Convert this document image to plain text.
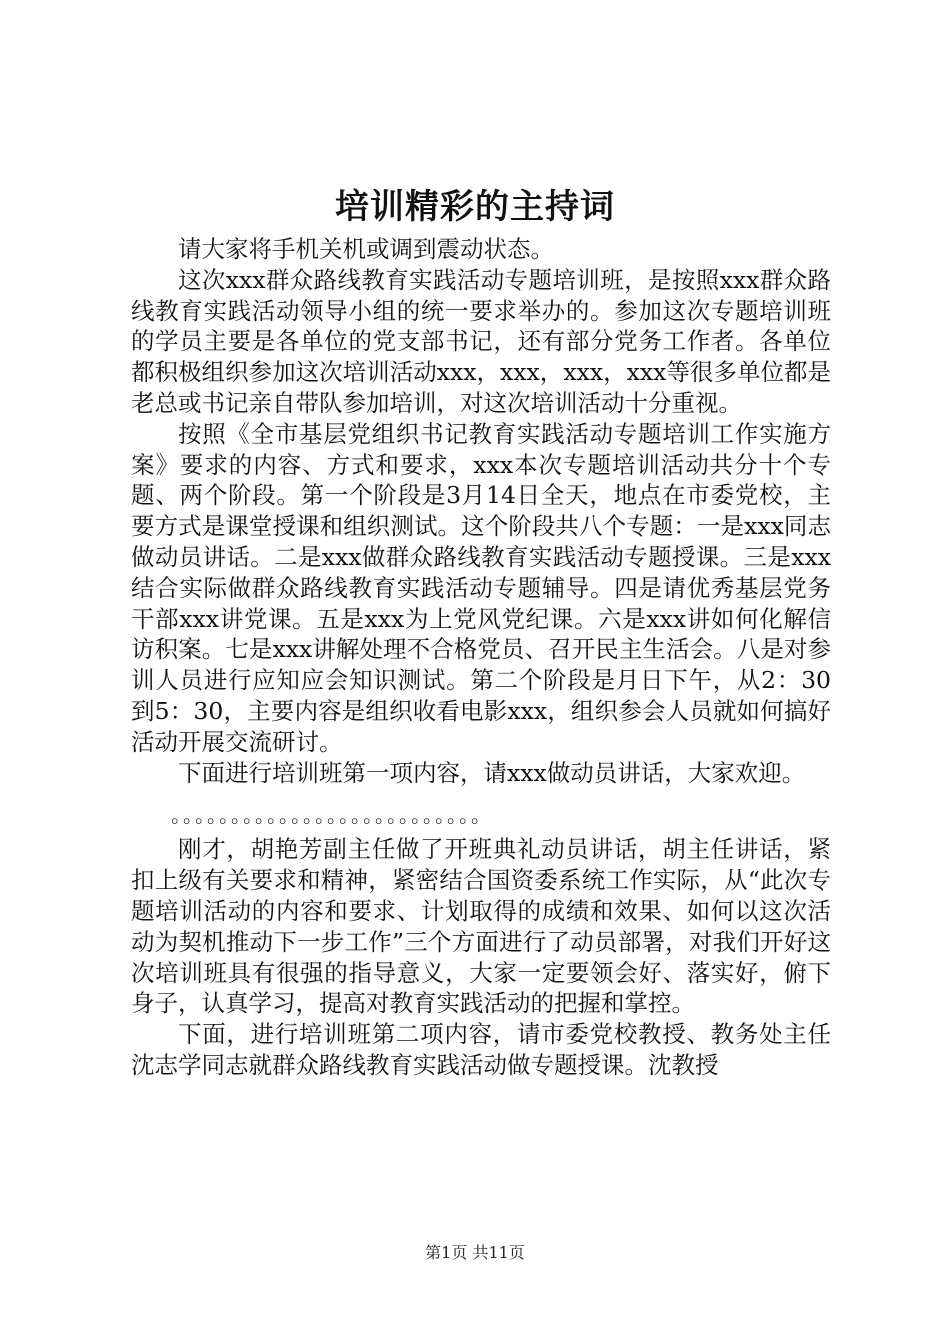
培训精彩的主持词

请大家将手机关机或调到震动状态。

这次xxx群众路线教育实践活动专题培训班，是按照xxx群众路线教育实践活动领导小组的统一要求举办的。参加这次专题培训班的学员主要是各单位的党支部书记，还有部分党务工作者。各单位都积极组织参加这次培训活动xxx，xxx，xxx，xxx等很多单位都是老总或书记亲自带队参加培训，对这次培训活动十分重视。

按照《全市基层党组织书记教育实践活动专题培训工作实施方案》要求的内容、方式和要求，xxx本次专题培训活动共分十个专题、两个阶段。第一个阶段是3月14日全天，地点在市委党校，主要方式是课堂授课和组织测试。这个阶段共八个专题：一是xxx同志做动员讲话。二是xxx做群众路线教育实践活动专题授课。三是xxx结合实际做群众路线教育实践活动专题辅导。四是请优秀基层党务干部xxx讲党课。五是xxx为上党风党纪课。六是xxx讲如何化解信访积案。七是xxx讲解处理不合格党员、召开民主生活会。八是对参训人员进行应知应会知识测试。第二个阶段是月日下午，从2：30到5：30，主要内容是组织收看电影xxx，组织参会人员就如何搞好活动开展交流研讨。

下面进行培训班第一项内容，请xxx做动员讲话，大家欢迎。

。。。。。。。。。。。。。。。。。。。。。。。。。。

刚才，胡艳芳副主任做了开班典礼动员讲话，胡主任讲话，紧扣上级有关要求和精神，紧密结合国资委系统工作实际，从“此次专题培训活动的内容和要求、计划取得的成绩和效果、如何以这次活动为契机推动下一步工作”三个方面进行了动员部署，对我们开好这次培训班具有很强的指导意义，大家一定要领会好、落实好，俯下身子，认真学习，提高对教育实践活动的把握和掌控。

下面，进行培训班第二项内容，请市委党校教授、教务处主任沈志学同志就群众路线教育实践活动做专题授课。沈教授

第1页 共11页
